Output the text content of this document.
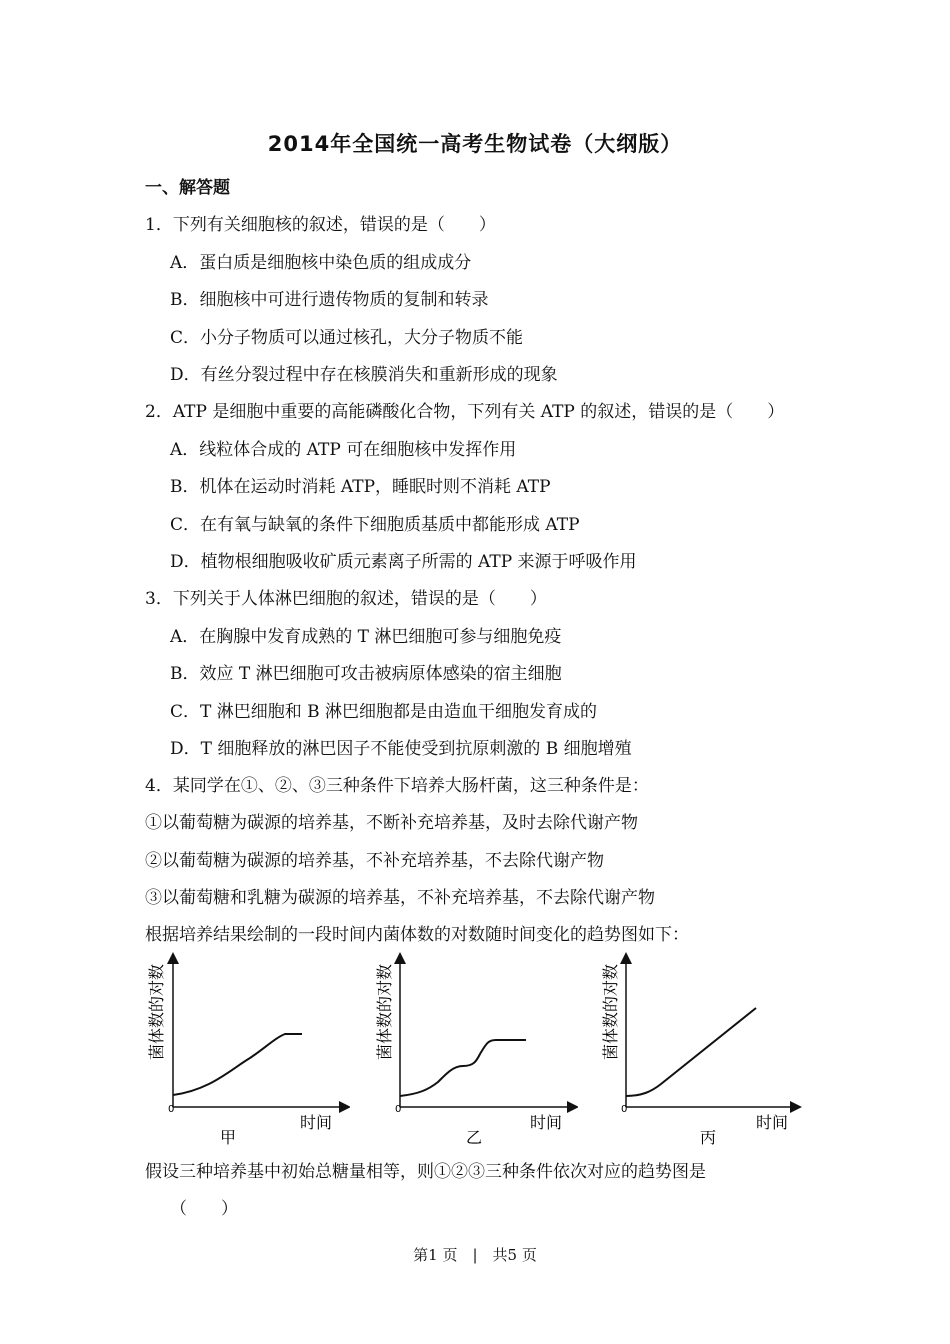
2014年全国统一高考生物试卷（大纲版）
一、解答题
1．下列有关细胞核的叙述，错误的是（　　）
A．蛋白质是细胞核中染色质的组成成分
B．细胞核中可进行遗传物质的复制和转录
C．小分子物质可以通过核孔，大分子物质不能
D．有丝分裂过程中存在核膜消失和重新形成的现象
2．ATP 是细胞中重要的高能磷酸化合物，下列有关 ATP 的叙述，错误的是（　　）
A．线粒体合成的 ATP 可在细胞核中发挥作用
B．机体在运动时消耗 ATP，睡眠时则不消耗 ATP
C．在有氧与缺氧的条件下细胞质基质中都能形成 ATP
D．植物根细胞吸收矿质元素离子所需的 ATP 来源于呼吸作用
3．下列关于人体淋巴细胞的叙述，错误的是（　　）
A．在胸腺中发育成熟的 T 淋巴细胞可参与细胞免疫
B．效应 T 淋巴细胞可攻击被病原体感染的宿主细胞
C．T 淋巴细胞和 B 淋巴细胞都是由造血干细胞发育成的
D．T 细胞释放的淋巴因子不能使受到抗原刺激的 B 细胞增殖
4．某同学在①、②、③三种条件下培养大肠杆菌，这三种条件是：
①以葡萄糖为碳源的培养基，不断补充培养基，及时去除代谢产物
②以葡萄糖为碳源的培养基，不补充培养基，不去除代谢产物
③以葡萄糖和乳糖为碳源的培养基，不补充培养基，不去除代谢产物
根据培养结果绘制的一段时间内菌体数的对数随时间变化的趋势图如下：
菌体数的对数
时间
0
甲
菌体数的对数
时间
0
乙
菌体数的对数
时间
0
丙
假设三种培养基中初始总糖量相等，则①②③三种条件依次对应的趋势图是
（　　）
第1 页　|　共5 页
